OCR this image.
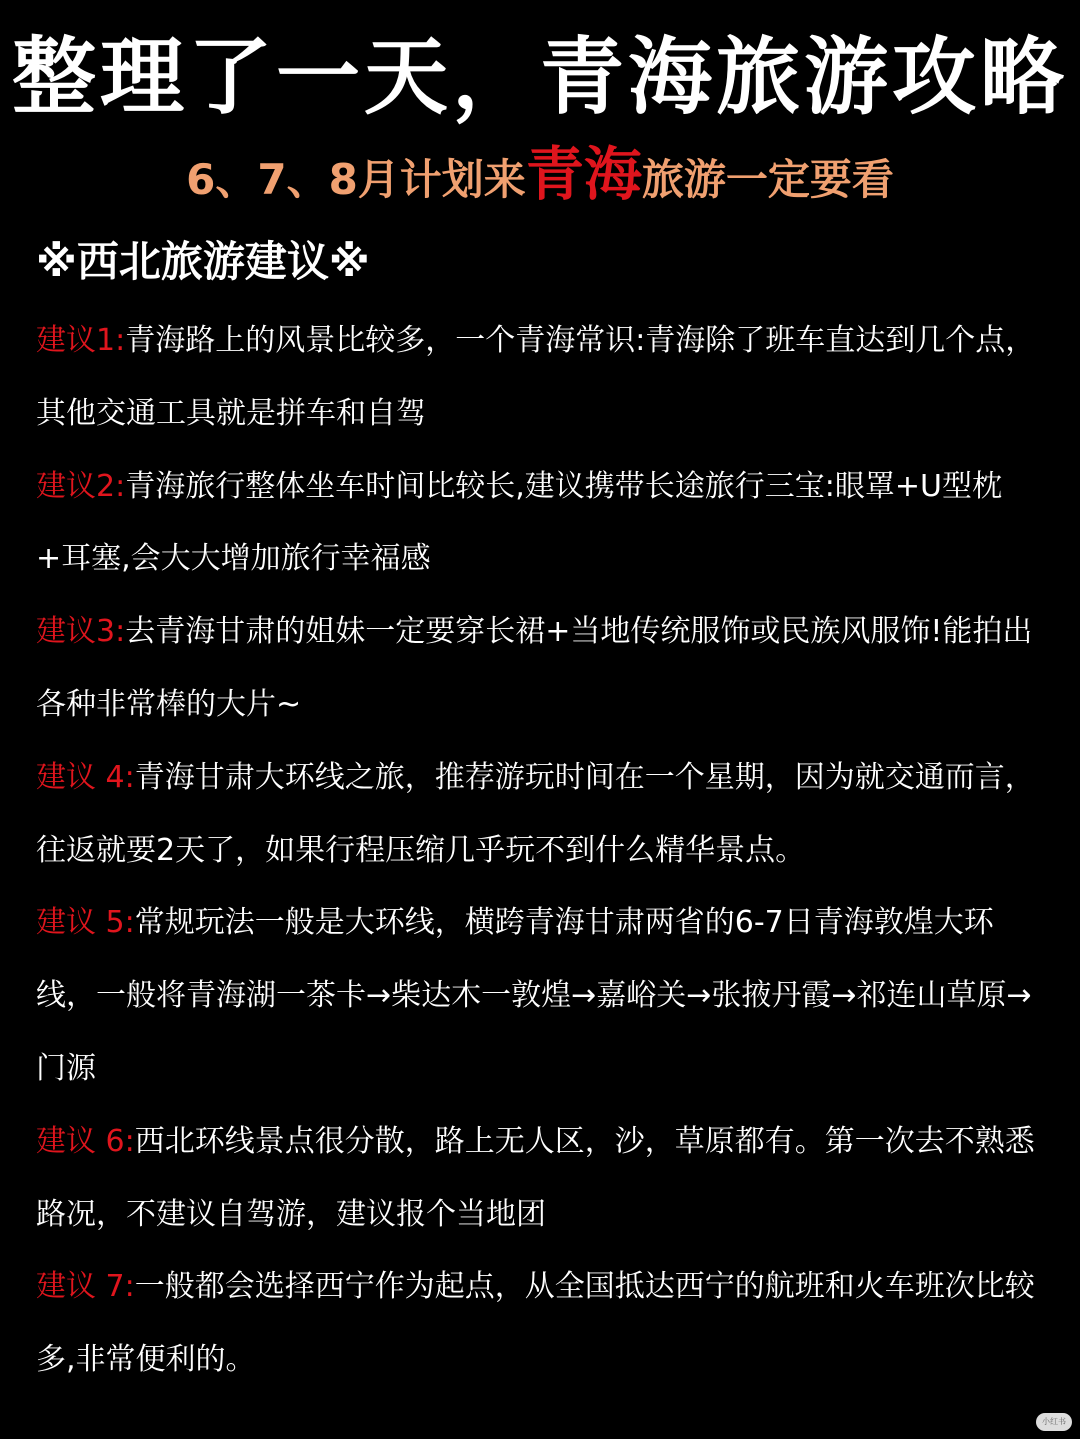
整理了一天，青海旅游攻略
6、7、8月计划来青海旅游一定要看
※西北旅游建议※

建议1:青海路上的风景比较多，一个青海常识:青海除了班车直达到几个点，其他交通工具就是拼车和自驾

建议2:青海旅行整体坐车时间比较长,建议携带长途旅行三宝:眼罩+U型枕+耳塞,会大大增加旅行幸福感

建议3:去青海甘肃的姐妹一定要穿长裙+当地传统服饰或民族风服饰!能拍出各种非常棒的大片~

建议 4:青海甘肃大环线之旅，推荐游玩时间在一个星期，因为就交通而言，往返就要2天了，如果行程压缩几乎玩不到什么精华景点。

建议 5:常规玩法一般是大环线，横跨青海甘肃两省的6-7日青海敦煌大环线，一般将青海湖一茶卡→柴达木一敦煌→嘉峪关→张掖丹霞→祁连山草原→门源

建议 6:西北环线景点很分散，路上无人区，沙，草原都有。第一次去不熟悉路况，不建议自驾游，建议报个当地团

建议 7:一般都会选择西宁作为起点，从全国抵达西宁的航班和火车班次比较多,非常便利的。

小红书
